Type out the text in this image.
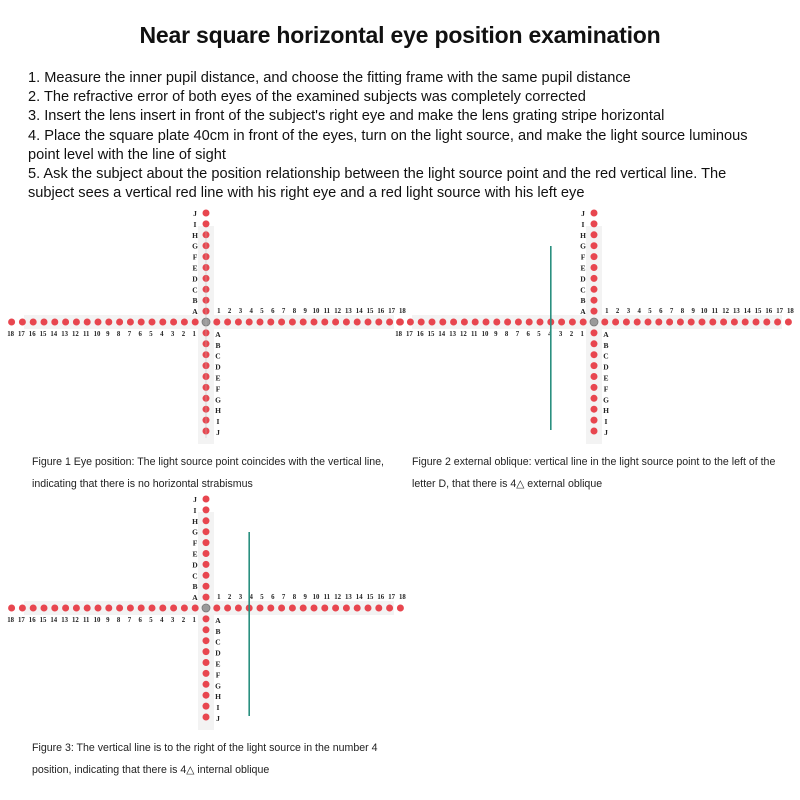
Near square horizontal eye position examination
1. Measure the inner pupil distance, and choose the fitting frame with the same pupil distance
2. The refractive error of both eyes of the examined subjects was completely corrected
3. Insert the lens insert in front of the subject's right eye and make the lens grating stripe horizontal
4. Place the square plate 40cm in front of the eyes, turn on the light source, and make the light source luminous point level with the line of sight
5. Ask the subject about the position relationship between the light source point and the red vertical line. The subject sees a vertical red line with his right eye and a red light source with his left eye
1 2 3 4 5 6 7 8 9 10 11 12 13 14 15 16 17 18
18 17 16 15 14 13 12 11 10 9 8 7 6 5 4 3 2 1
J
I
H
G
F
E
D
C
B
A
A
B
C
D
E
F
G
H
I
J
Figure 1 Eye position: The light source point coincides with the vertical line, indicating that there is no horizontal strabismus
1 2 3 4 5 6 7 8 9 10 11 12 13 14 15 16 17 18
18 17 16 15 14 13 12 11 10 9 8 7 6 5 4 3 2 1
J
I
H
G
F
E
D
C
B
A
A
B
C
D
E
F
G
H
I
J
Figure 2 external oblique: vertical line in the light source point to the left of the letter D, that there is 4△ external oblique
1 2 3 4 5 6 7 8 9 10 11 12 13 14 15 16 17 18
18 17 16 15 14 13 12 11 10 9 8 7 6 5 4 3 2 1
J
I
H
G
F
E
D
C
B
A
A
B
C
D
E
F
G
H
I
J
Figure 3: The vertical line is to the right of the light source in the number 4 position, indicating that there is 4△ internal oblique
